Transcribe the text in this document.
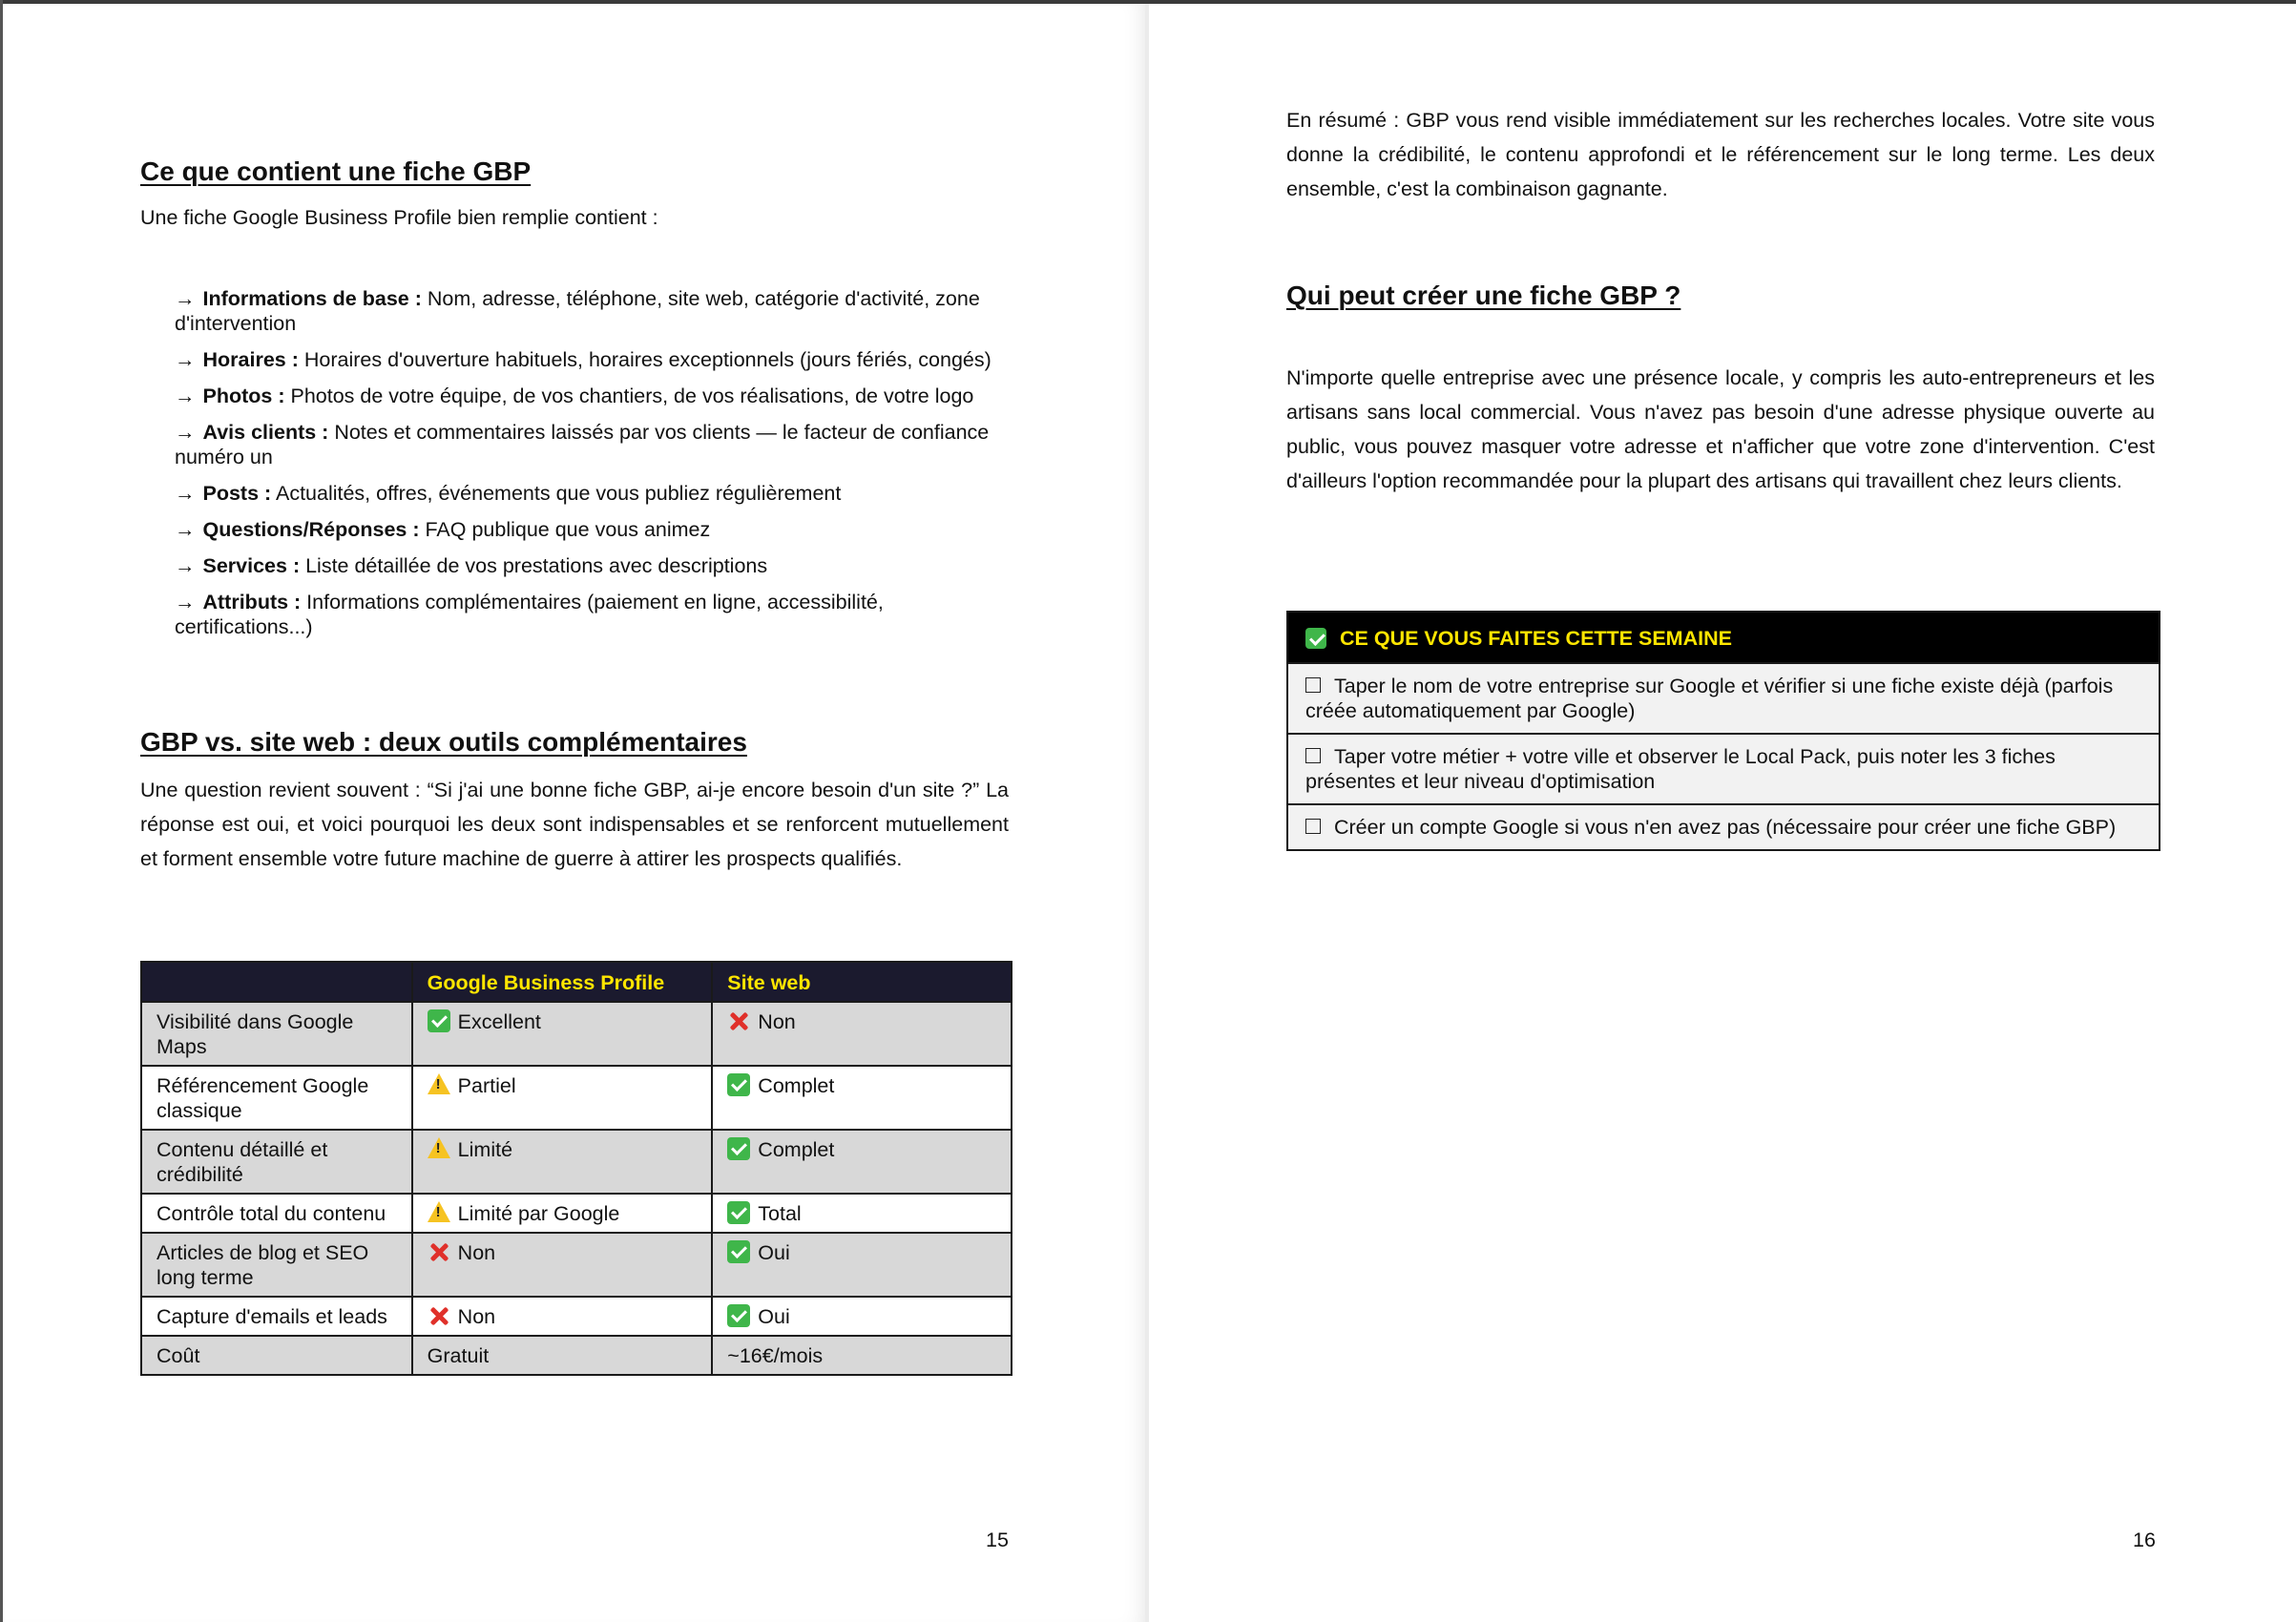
Ce que contient une fiche GBP

Une fiche Google Business Profile bien remplie contient :

→ Informations de base : Nom, adresse, téléphone, site web, catégorie d'activité, zone d'intervention
→ Horaires : Horaires d'ouverture habituels, horaires exceptionnels (jours fériés, congés)
→ Photos : Photos de votre équipe, de vos chantiers, de vos réalisations, de votre logo
→ Avis clients : Notes et commentaires laissés par vos clients — le facteur de confiance numéro un
→ Posts : Actualités, offres, événements que vous publiez régulièrement
→ Questions/Réponses : FAQ publique que vous animez
→ Services : Liste détaillée de vos prestations avec descriptions
→ Attributs : Informations complémentaires (paiement en ligne, accessibilité, certifications...)
GBP vs. site web : deux outils complémentaires

Une question revient souvent : “Si j'ai une bonne fiche GBP, ai-je encore besoin d'un site ?” La réponse est oui, et voici pourquoi les deux sont indispensables et se renforcent mutuellement et forment ensemble votre future machine de guerre à attirer les prospects qualifiés.

	Google Business Profile	Site web
Visibilité dans Google Maps	Excellent	Non
Référencement Google classique	!Partiel	Complet
Contenu détaillé et crédibilité	!Limité	Complet
Contrôle total du contenu	!Limité par Google	Total
Articles de blog et SEO long terme	Non	Oui
Capture d'emails et leads	Non	Oui
Coût	Gratuit	~16€/mois
15

En résumé : GBP vous rend visible immédiatement sur les recherches locales. Votre site vous donne la crédibilité, le contenu approfondi et le référencement sur le long terme. Les deux ensemble, c'est la combinaison gagnante.

Qui peut créer une fiche GBP ?

N'importe quelle entreprise avec une présence locale, y compris les auto-entrepreneurs et les artisans sans local commercial. Vous n'avez pas besoin d'une adresse physique ouverte au public, vous pouvez masquer votre adresse et n'afficher que votre zone d'intervention. C'est d'ailleurs l'option recommandée pour la plupart des artisans qui travaillent chez leurs clients.

16
CE QUE VOUS FAITES CETTE SEMAINE
Taper le nom de votre entreprise sur Google et vérifier si une fiche existe déjà (parfois créée automatiquement par Google)
Taper votre métier + votre ville et observer le Local Pack, puis noter les 3 fiches présentes et leur niveau d'optimisation
Créer un compte Google si vous n'en avez pas (nécessaire pour créer une fiche GBP)
